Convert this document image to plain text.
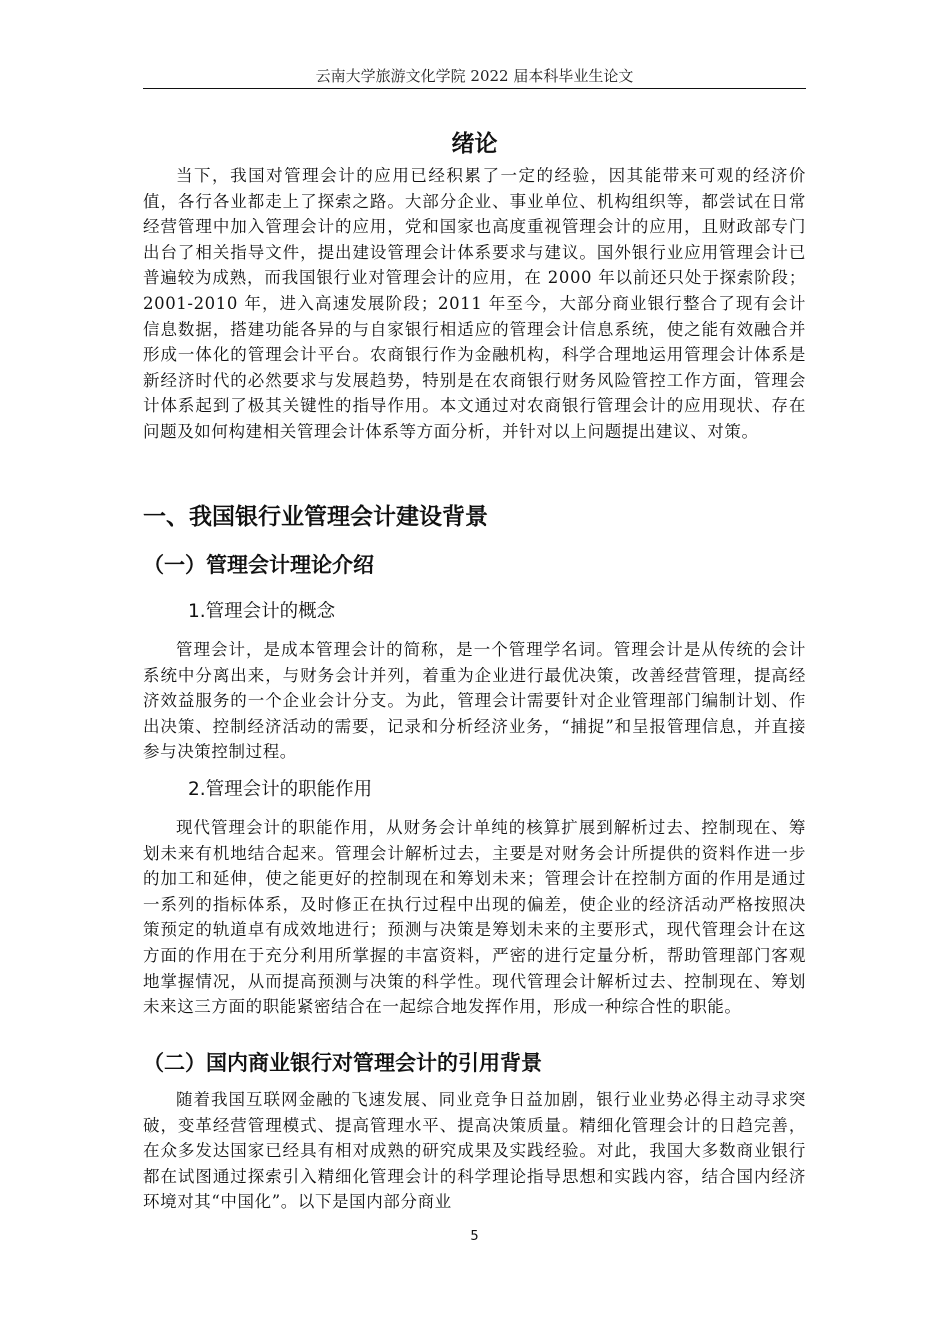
云南大学旅游文化学院 2022 届本科毕业生论文
绪论

当下，我国对管理会计的应用已经积累了一定的经验，因其能带来可观的经济价值，各行各业都走上了探索之路。大部分企业、事业单位、机构组织等，都尝试在日常经营管理中加入管理会计的应用，党和国家也高度重视管理会计的应用，且财政部专门出台了相关指导文件，提出建设管理会计体系要求与建议。国外银行业应用管理会计已普遍较为成熟，而我国银行业对管理会计的应用，在 2000 年以前还只处于探索阶段；2001-2010 年，进入高速发展阶段；2011 年至今，大部分商业银行整合了现有会计信息数据，搭建功能各异的与自家银行相适应的管理会计信息系统，使之能有效融合并形成一体化的管理会计平台。农商银行作为金融机构，科学合理地运用管理会计体系是新经济时代的必然要求与发展趋势，特别是在农商银行财务风险管控工作方面，管理会计体系起到了极其关键性的指导作用。本文通过对农商银行管理会计的应用现状、存在问题及如何构建相关管理会计体系等方面分析，并针对以上问题提出建议、对策。

一、我国银行业管理会计建设背景
（一）管理会计理论介绍
1.管理会计的概念

管理会计，是成本管理会计的简称，是一个管理学名词。管理会计是从传统的会计系统中分离出来，与财务会计并列，着重为企业进行最优决策，改善经营管理，提高经济效益服务的一个企业会计分支。为此，管理会计需要针对企业管理部门编制计划、作出决策、控制经济活动的需要，记录和分析经济业务，“捕捉”和呈报管理信息，并直接参与决策控制过程。

2.管理会计的职能作用

现代管理会计的职能作用，从财务会计单纯的核算扩展到解析过去、控制现在、筹划未来有机地结合起来。管理会计解析过去，主要是对财务会计所提供的资料作进一步的加工和延伸，使之能更好的控制现在和筹划未来；管理会计在控制方面的作用是通过一系列的指标体系，及时修正在执行过程中出现的偏差，使企业的经济活动严格按照决策预定的轨道卓有成效地进行；预测与决策是筹划未来的主要形式，现代管理会计在这方面的作用在于充分利用所掌握的丰富资料，严密的进行定量分析，帮助管理部门客观地掌握情况，从而提高预测与决策的科学性。现代管理会计解析过去、控制现在、筹划未来这三方面的职能紧密结合在一起综合地发挥作用，形成一种综合性的职能。

（二）国内商业银行对管理会计的引用背景

随着我国互联网金融的飞速发展、同业竞争日益加剧，银行业业势必得主动寻求突破，变革经营管理模式、提高管理水平、提高决策质量。精细化管理会计的日趋完善，在众多发达国家已经具有相对成熟的研究成果及实践经验。对此，我国大多数商业银行都在试图通过探索引入精细化管理会计的科学理论指导思想和实践内容，结合国内经济环境对其“中国化”。以下是国内部分商业

5
